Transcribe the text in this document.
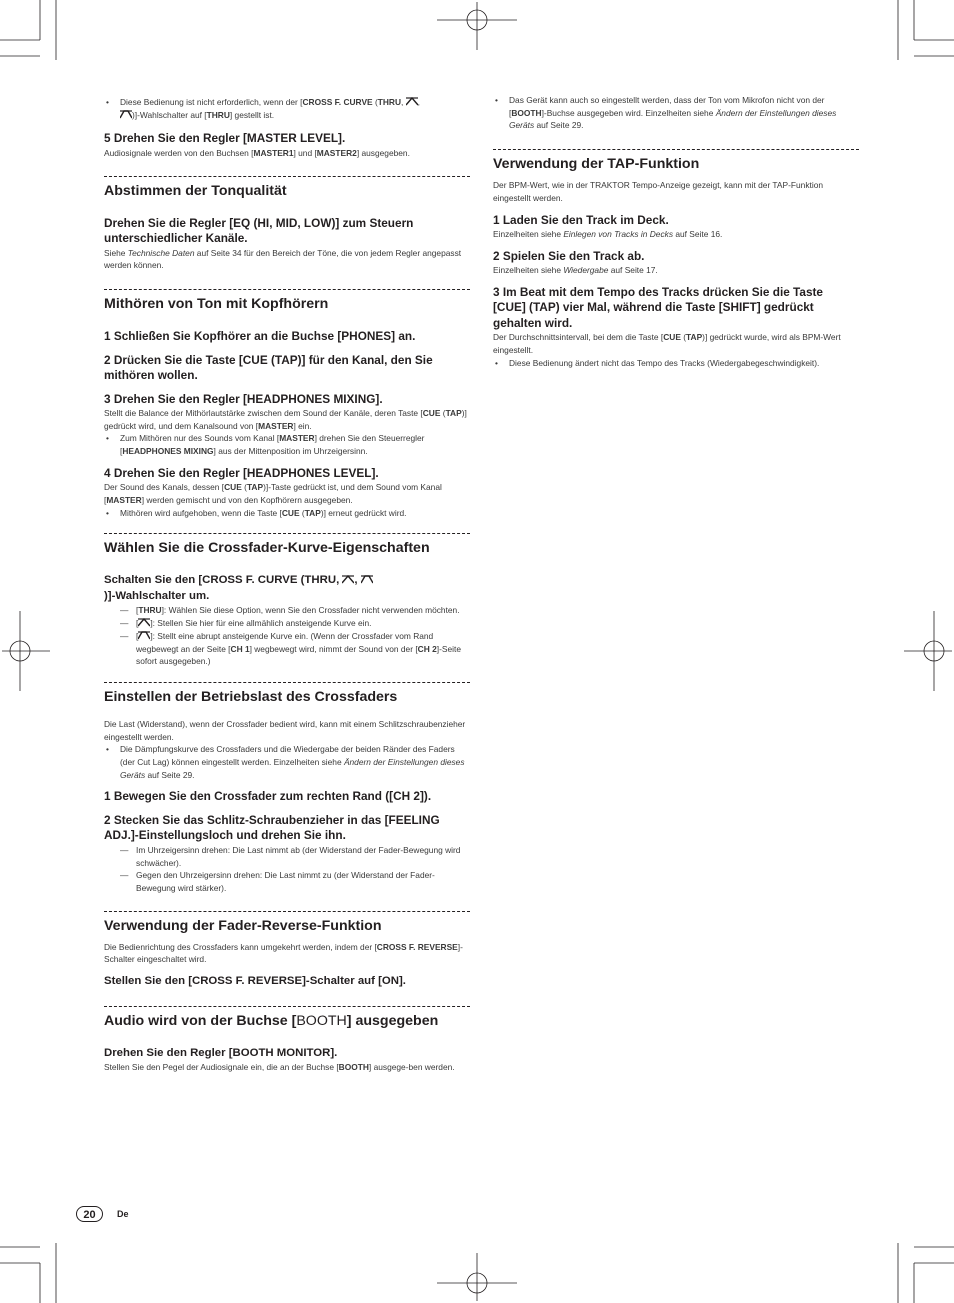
• Diese Bedienung ist nicht erforderlich, wenn der [CROSS F. CURVE (THRU,
,

)]-Wahlschalter auf [THRU] gestellt ist.

5 Drehen Sie den Regler [MASTER LEVEL].

Audiosignale werden von den Buchsen [MASTER1] und [MASTER2] ausgegeben.

Abstimmen der Tonqualität

Drehen Sie die Regler [EQ (HI, MID, LOW)] zum Steuern unterschiedlicher Kanäle.

Siehe Technische Daten auf Seite 34 für den Bereich der Töne, die von jedem Regler angepasst werden können.

Mithören von Ton mit Kopfhörern

1 Schließen Sie Kopfhörer an die Buchse [PHONES] an.

2 Drücken Sie die Taste [CUE (TAP)] für den Kanal, den Sie mithören wollen.

3 Drehen Sie den Regler [HEADPHONES MIXING].

Stellt die Balance der Mithörlautstärke zwischen dem Sound der Kanäle, deren Taste [CUE (TAP)] gedrückt wird, und dem Kanalsound von [MASTER] ein.

• Zum Mithören nur des Sounds vom Kanal [MASTER] drehen Sie den Steuerregler [HEADPHONES MIXING] aus der Mittenposition im Uhrzeigersinn.

4 Drehen Sie den Regler [HEADPHONES LEVEL].

Der Sound des Kanals, dessen [CUE (TAP)]-Taste gedrückt ist, und dem Sound vom Kanal [MASTER] werden gemischt und von den Kopfhörern ausgegeben.

• Mithören wird aufgehoben, wenn die Taste [CUE (TAP)] erneut gedrückt wird.

Wählen Sie die Crossfader-Kurve-Eigenschaften

Schalten Sie den [CROSS F. CURVE (THRU,
,

)]-Wahlschalter um.

— [THRU]: Wählen Sie diese Option, wenn Sie den Crossfader nicht verwenden möchten.

— [ ]: Stellen Sie hier für eine allmählich ansteigende Kurve ein.

— [ ]: Stellt eine abrupt ansteigende Kurve ein. (Wenn der Crossfader vom Rand wegbewegt an der Seite [CH 1] wegbewegt wird, nimmt der Sound von der [CH 2]-Seite sofort ausgegeben.)

Einstellen der Betriebslast des Crossfaders

Die Last (Widerstand), wenn der Crossfader bedient wird, kann mit einem Schlitzschraubenzieher eingestellt werden.

• Die Dämpfungskurve des Crossfaders und die Wiedergabe der beiden Ränder des Faders (der Cut Lag) können eingestellt werden. Einzelheiten siehe Ändern der Einstellungen dieses Geräts auf Seite 29.

1 Bewegen Sie den Crossfader zum rechten Rand ([CH 2]).

2 Stecken Sie das Schlitz-Schraubenzieher in das [FEELING ADJ.]-Einstellungsloch und drehen Sie ihn.

— Im Uhrzeigersinn drehen: Die Last nimmt ab (der Widerstand der Fader-Bewegung wird schwächer).

— Gegen den Uhrzeigersinn drehen: Die Last nimmt zu (der Widerstand der Fader-Bewegung wird stärker).

Verwendung der Fader-Reverse-Funktion

Die Bedienrichtung des Crossfaders kann umgekehrt werden, indem der [CROSS F. REVERSE]-Schalter eingeschaltet wird.

Stellen Sie den [CROSS F. REVERSE]-Schalter auf [ON].

Audio wird von der Buchse [BOOTH] ausgegeben

Drehen Sie den Regler [BOOTH MONITOR].

Stellen Sie den Pegel der Audiosignale ein, die an der Buchse [BOOTH] ausgege-ben werden.

• Das Gerät kann auch so eingestellt werden, dass der Ton vom Mikrofon nicht von der [BOOTH]-Buchse ausgegeben wird. Einzelheiten siehe Ändern der Einstellungen dieses Geräts auf Seite 29.

Verwendung der TAP-Funktion

Der BPM-Wert, wie in der TRAKTOR Tempo-Anzeige gezeigt, kann mit der TAP-Funktion eingestellt werden.

1 Laden Sie den Track im Deck.

Einzelheiten siehe Einlegen von Tracks in Decks auf Seite 16.

2 Spielen Sie den Track ab.

Einzelheiten siehe Wiedergabe auf Seite 17.

3 Im Beat mit dem Tempo des Tracks drücken Sie die Taste [CUE] (TAP) vier Mal, während die Taste [SHIFT] gedrückt gehalten wird.

Der Durchschnittsintervall, bei dem die Taste [CUE (TAP)] gedrückt wurde, wird als BPM-Wert eingestellt.

• Diese Bedienung ändert nicht das Tempo des Tracks (Wiedergabegeschwindigkeit).

20	De
